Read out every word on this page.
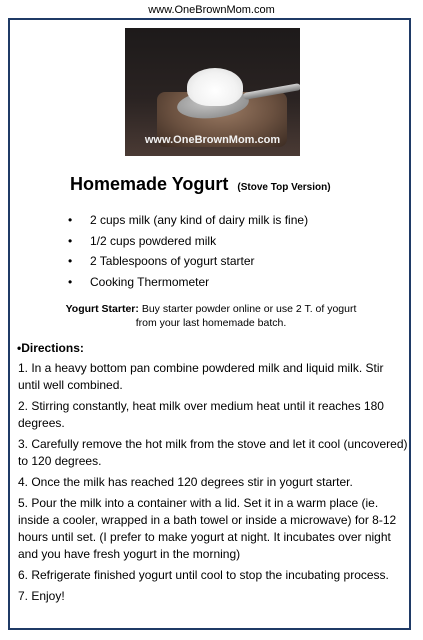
www.OneBrownMom.com
www.OneBrownMom.com
Homemade Yogurt (Stove Top Version)
• 2 cups milk (any kind of dairy milk is fine)
• 1/2 cups powdered milk
• 2 Tablespoons of yogurt starter
• Cooking Thermometer
Yogurt Starter: Buy starter powder online or use 2 T. of yogurt
from your last homemade batch.
•Directions:

1. In a heavy bottom pan combine powdered milk and liquid milk. Stir until well combined.

2. Stirring constantly, heat milk over medium heat until it reaches 180 degrees.

3. Carefully remove the hot milk from the stove and let it cool (uncovered) to 120 degrees.

4. Once the milk has reached 120 degrees stir in yogurt starter.

5. Pour the milk into a container with a lid. Set it in a warm place (ie. inside a cooler, wrapped in a bath towel or inside a microwave) for 8-12 hours until set. (I prefer to make yogurt at night. It incubates over night and you have fresh yogurt in the morning)

6. Refrigerate finished yogurt until cool to stop the incubating process.

7. Enjoy!
